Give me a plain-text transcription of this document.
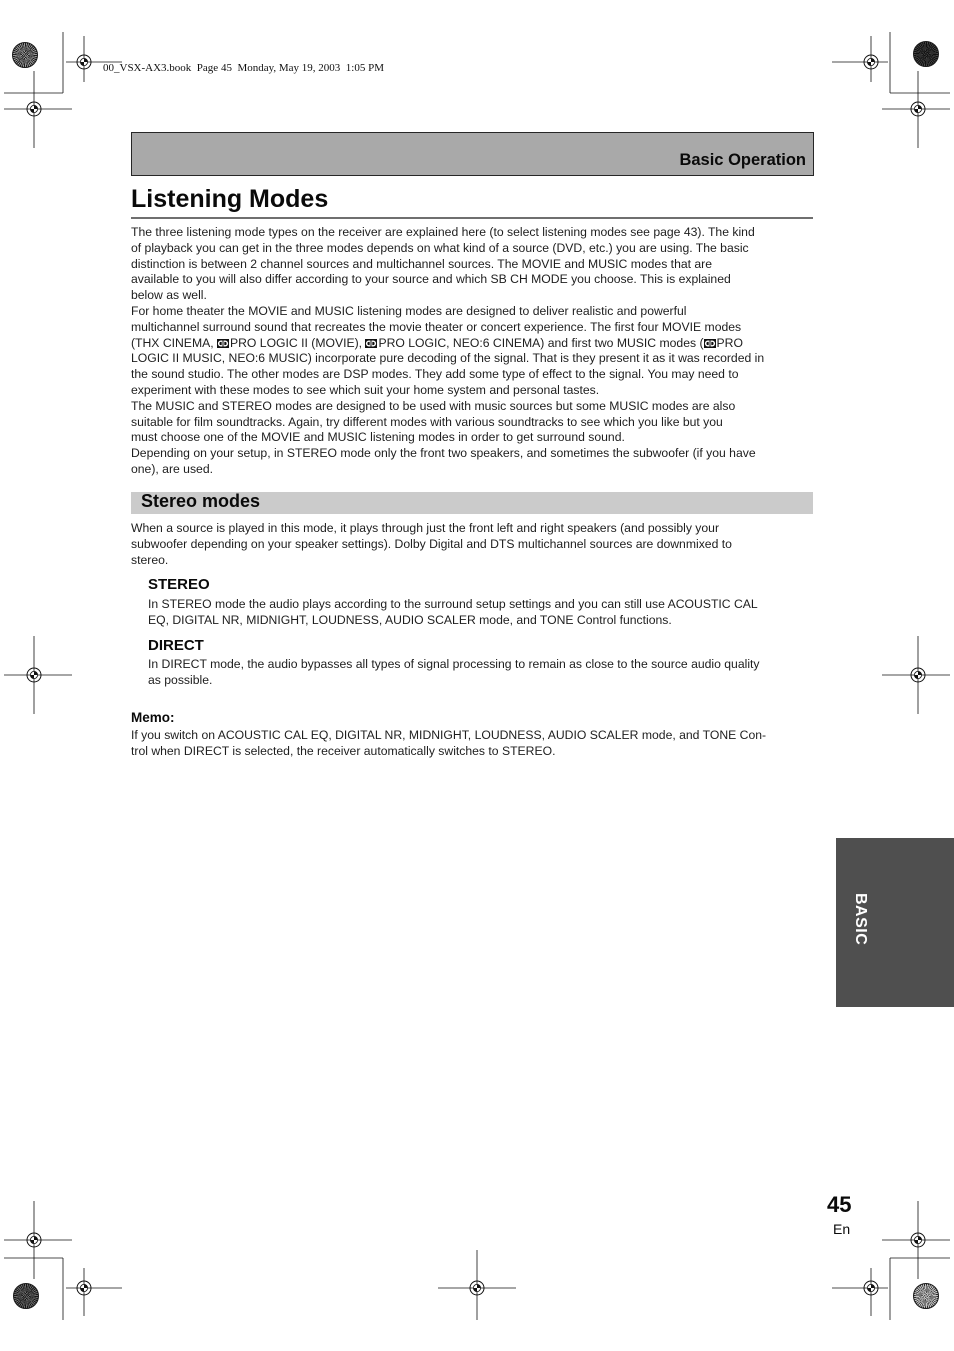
00_VSX-AX3.book  Page 45  Monday, May 19, 2003  1:05 PM
Basic Operation
Listening Modes
The three listening mode types on the receiver are explained here (to select listening modes see page 43). The kind
of playback you can get in the three modes depends on what kind of a source (DVD, etc.) you are using. The basic
distinction is between 2 channel sources and multichannel sources. The MOVIE and MUSIC modes that are
available to you will also differ according to your source and which SB CH MODE you choose. This is explained
below as well.
For home theater the MOVIE and MUSIC listening modes are designed to deliver realistic and powerful
multichannel surround sound that recreates the movie theater or concert experience. The first four MOVIE modes
(THX CINEMA,
PRO LOGIC II (MOVIE),
PRO LOGIC, NEO:6 CINEMA) and first two MUSIC modes ( PRO
LOGIC II MUSIC, NEO:6 MUSIC) incorporate pure decoding of the signal. That is they present it as it was recorded in
the sound studio. The other modes are DSP modes. They add some type of effect to the signal. You may need to
experiment with these modes to see which suit your home system and personal tastes.
The MUSIC and STEREO modes are designed to be used with music sources but some MUSIC modes are also
suitable for film soundtracks. Again, try different modes with various soundtracks to see which you like but you
must choose one of the MOVIE and MUSIC listening modes in order to get surround sound.
Depending on your setup, in STEREO mode only the front two speakers, and sometimes the subwoofer (if you have
one), are used.
Stereo modes
When a source is played in this mode, it plays through just the front left and right speakers (and possibly your
subwoofer depending on your speaker settings). Dolby Digital and DTS multichannel sources are downmixed to
stereo.
STEREO
In STEREO mode the audio plays according to the surround setup settings and you can still use ACOUSTIC CAL
EQ, DIGITAL NR, MIDNIGHT, LOUDNESS, AUDIO SCALER mode, and TONE Control functions.
DIRECT
In DIRECT mode, the audio bypasses all types of signal processing to remain as close to the source audio quality
as possible.
Memo:
If you switch on ACOUSTIC CAL EQ, DIGITAL NR, MIDNIGHT, LOUDNESS, AUDIO SCALER mode, and TONE Con-
trol when DIRECT is selected, the receiver automatically switches to STEREO.
BASIC
45
En
